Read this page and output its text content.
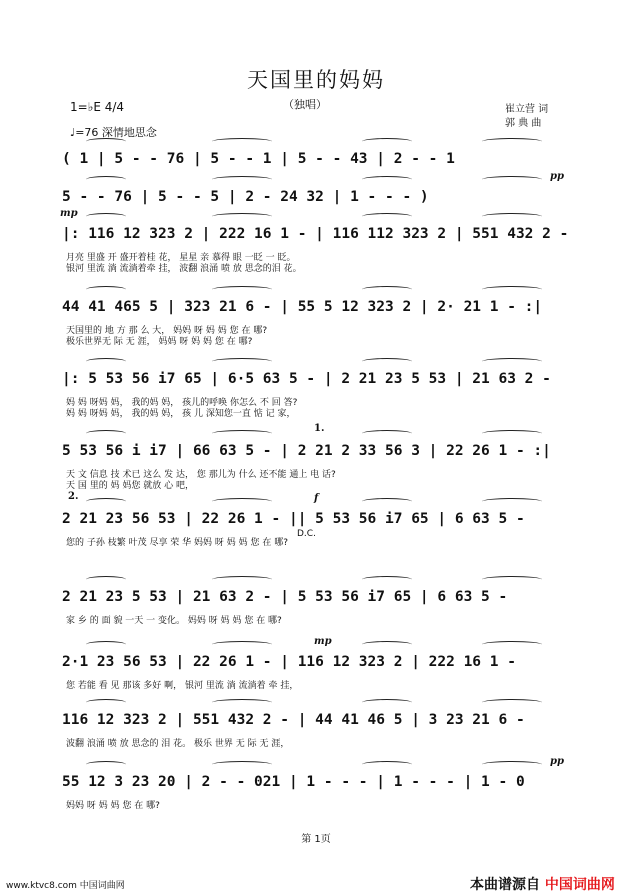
天国里的妈妈
（独唱）
1=♭E 4/4
♩=76 深情地思念
崔立营 词
郭 典 曲
( 1 | 5 - - 76 | 5 - - 1 | 5 - - 43 | 2 - - 1
5 - - 76 | 5 - - 5 | 2 - 24 32 | 1 - - - )
pp
|: 116 12 323 2 | 222 16 1 - | 116 112 323 2 | 551 432 2 -
月亮 里盛 开 盛开着桂 花， 星星 亲 慕得 眼 一眨 一 眨。
银河 里流 淌 流淌着牵 挂， 波翻 浪涌 喷 放 思念的泪 花。
mp
44 41 465 5 | 323 21 6 - | 55 5 12 323 2 | 2· 21 1 - :|
天国里的 地 方 那 么 大， 妈妈 呀 妈 妈 您 在 哪?
极乐世界无 际 无 涯， 妈妈 呀 妈 妈 您 在 哪?
|: 5 53 56 i7 65 | 6·5 63 5 - | 2 21 23 5 53 | 21 63 2 -
妈 妈 呀妈 妈， 我的妈 妈， 孩儿的呼唤 你怎么 不 回 答?
妈 妈 呀妈 妈， 我的妈 妈， 孩 儿 深知您一直 惦 记 家，
5 53 56 i i7 | 66 63 5 - | 2 21 2 33 56 3 | 22 26 1 - :|
天 文 信息 技 术已 这么 发 达， 您 那儿为 什么 还不能 通上 电 话?
天 国 里的 妈 妈您 就放 心 吧，
1.
2 21 23 56 53 | 22 26 1 - || 5 53 56 i7 65 | 6 63 5 -
您的 子孙 枝繁 叶茂 尽享 荣 华 妈妈 呀 妈 妈 您 在 哪?
f
2.
D.C.
2 21 23 5 53 | 21 63 2 - | 5 53 56 i7 65 | 6 63 5 -
家 乡 的 面 貌 一天 一 变化。 妈妈 呀 妈 妈 您 在 哪?
2·1 23 56 53 | 22 26 1 - | 116 12 323 2 | 222 16 1 -
您 若能 看 见 那该 多好 啊， 银河 里流 淌 流淌着 牵 挂，
mp
116 12 323 2 | 551 432 2 - | 44 41 46 5 | 3 23 21 6 -
波翻 浪涌 喷 放 思念的 泪 花。 极乐 世界 无 际 无 涯，
55 12 3 23 20 | 2 - - 021 | 1 - - - | 1 - - - | 1 - 0
妈妈 呀 妈 妈 您 在 哪?
pp
第 1页
www.ktvc8.com 中国词曲网	本曲谱源自 中国词曲网
